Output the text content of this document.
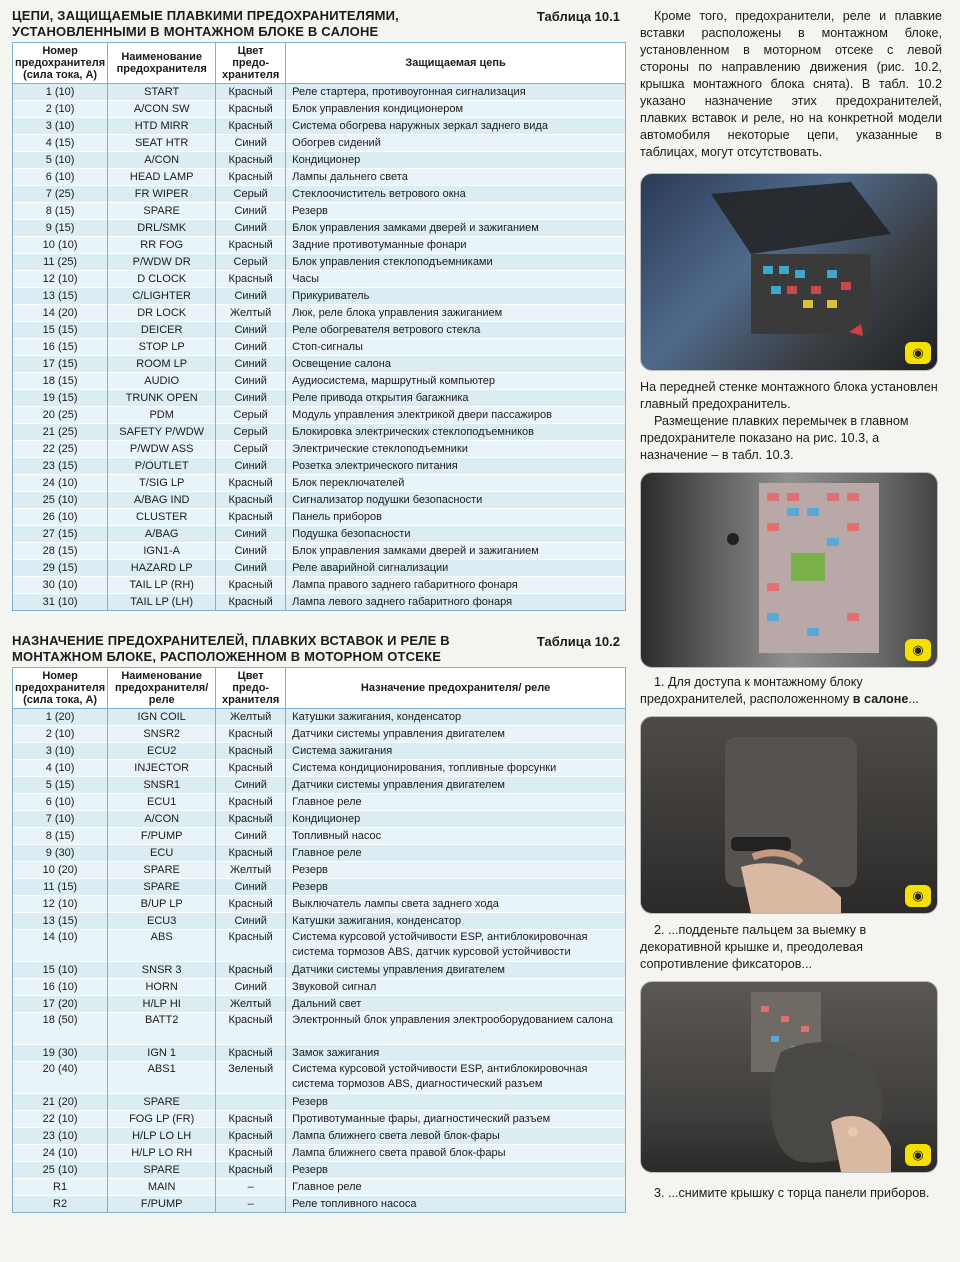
ЦЕПИ, ЗАЩИЩАЕМЫЕ ПЛАВКИМИ ПРЕДОХРАНИТЕЛЯМИ, УСТАНОВЛЕННЫМИ В МОНТАЖНОМ БЛОКЕ В САЛОНЕ
Таблица 10.1
Номер предохранителя (сила тока, А)	Наименование предохранителя	Цвет предо-хранителя	Защищаемая цепь
1 (10)	START	Красный	Реле стартера, противоугонная сигнализация
2 (10)	A/CON SW	Красный	Блок управления кондиционером
3 (10)	HTD MIRR	Красный	Система обогрева наружных зеркал заднего вида
4 (15)	SEAT HTR	Синий	Обогрев сидений
5 (10)	A/CON	Красный	Кондиционер
6 (10)	HEAD LAMP	Красный	Лампы дальнего света
7 (25)	FR WIPER	Серый	Стеклоочиститель ветрового окна
8 (15)	SPARE	Синий	Резерв
9 (15)	DRL/SMK	Синий	Блок управления замками дверей и зажиганием
10 (10)	RR FOG	Красный	Задние противотуманные фонари
11 (25)	P/WDW DR	Серый	Блок управления стеклоподъемниками
12 (10)	D CLOCK	Красный	Часы
13 (15)	C/LIGHTER	Синий	Прикуриватель
14 (20)	DR LOCK	Желтый	Люк, реле блока управления зажиганием
15 (15)	DEICER	Синий	Реле обогревателя ветрового стекла
16 (15)	STOP LP	Синий	Стоп-сигналы
17 (15)	ROOM LP	Синий	Освещение салона
18 (15)	AUDIO	Синий	Аудиосистема, маршрутный компьютер
19 (15)	TRUNK OPEN	Синий	Реле привода открытия багажника
20 (25)	PDM	Серый	Модуль управления электрикой двери пассажиров
21 (25)	SAFETY P/WDW	Серый	Блокировка электрических стеклоподъемников
22 (25)	P/WDW ASS	Серый	Электрические стеклоподъемники
23 (15)	P/OUTLET	Синий	Розетка электрического питания
24 (10)	T/SIG LP	Красный	Блок переключателей
25 (10)	A/BAG IND	Красный	Сигнализатор подушки безопасности
26 (10)	CLUSTER	Красный	Панель приборов
27 (15)	A/BAG	Синий	Подушка безопасности
28 (15)	IGN1-A	Синий	Блок управления замками дверей и зажиганием
29 (15)	HAZARD LP	Синий	Реле аварийной сигнализации
30 (10)	TAIL LP (RH)	Красный	Лампа правого заднего габаритного фонаря
31 (10)	TAIL LP (LH)	Красный	Лампа левого заднего габаритного фонаря
НАЗНАЧЕНИЕ ПРЕДОХРАНИТЕЛЕЙ, ПЛАВКИХ ВСТАВОК И РЕЛЕ В МОНТАЖНОМ БЛОКЕ, РАСПОЛОЖЕННОМ В МОТОРНОМ ОТСЕКЕ
Таблица 10.2
Номер предохранителя (сила тока, А)	Наименование предохранителя/ реле	Цвет предо-хранителя	Назначение предохранителя/ реле
1 (20)	IGN COIL	Желтый	Катушки зажигания, конденсатор
2 (10)	SNSR2	Красный	Датчики системы управления двигателем
3 (10)	ECU2	Красный	Система зажигания
4 (10)	INJECTOR	Красный	Система кондиционирования, топливные форсунки
5 (15)	SNSR1	Синий	Датчики системы управления двигателем
6 (10)	ECU1	Красный	Главное реле
7 (10)	A/CON	Красный	Кондиционер
8 (15)	F/PUMP	Синий	Топливный насос
9 (30)	ECU	Красный	Главное реле
10 (20)	SPARE	Желтый	Резерв
11 (15)	SPARE	Синий	Резерв
12 (10)	B/UP LP	Красный	Выключатель лампы света заднего хода
13 (15)	ECU3	Синий	Катушки зажигания, конденсатор
14 (10)	ABS	Красный	Система курсовой устойчивости ESP, антиблокировочная система тормозов ABS, датчик курсовой устойчивости
15 (10)	SNSR 3	Красный	Датчики системы управления двигателем
16 (10)	HORN	Синий	Звуковой сигнал
17 (20)	H/LP HI	Желтый	Дальний свет
18 (50)	BATT2	Красный	Электронный блок управления электрооборудованием салона
19 (30)	IGN 1	Красный	Замок зажигания
20 (40)	ABS1	Зеленый	Система курсовой устойчивости ESP, антиблокировочная система тормозов ABS, диагностический разъем
21 (20)	SPARE		Резерв
22 (10)	FOG LP (FR)	Красный	Противотуманные фары, диагностический разъем
23 (10)	H/LP LO LH	Красный	Лампа ближнего света левой блок-фары
24 (10)	H/LP LO RH	Красный	Лампа ближнего света правой блок-фары
25 (10)	SPARE	Красный	Резерв
R1	MAIN	–	Главное реле
R2	F/PUMP	–	Реле топливного насоса

Кроме того, предохранители, реле и плавкие вставки расположены в монтажном блоке, установленном в моторном отсеке с левой стороны по направлению движения (рис. 10.2, крышка монтажного блока снята). В табл. 10.2 указано назначение этих предохранителей, плавких вставок и реле, но на конкретной модели автомобиля некоторые цепи, указанные в таблицах, могут отсутствовать.

◉

На передней стенке монтажного блока установлен главный предохранитель.

Размещение плавких перемычек в главном предохранителе показано на рис. 10.3, а назначение – в табл. 10.3.

◉

1. Для доступа к монтажному блоку предохранителей, расположенному в салоне...

◉

2. ...подденьте пальцем за выемку в декоративной крышке и, преодолевая сопротивление фиксаторов...

◉

3. ...снимите крышку с торца панели приборов.
